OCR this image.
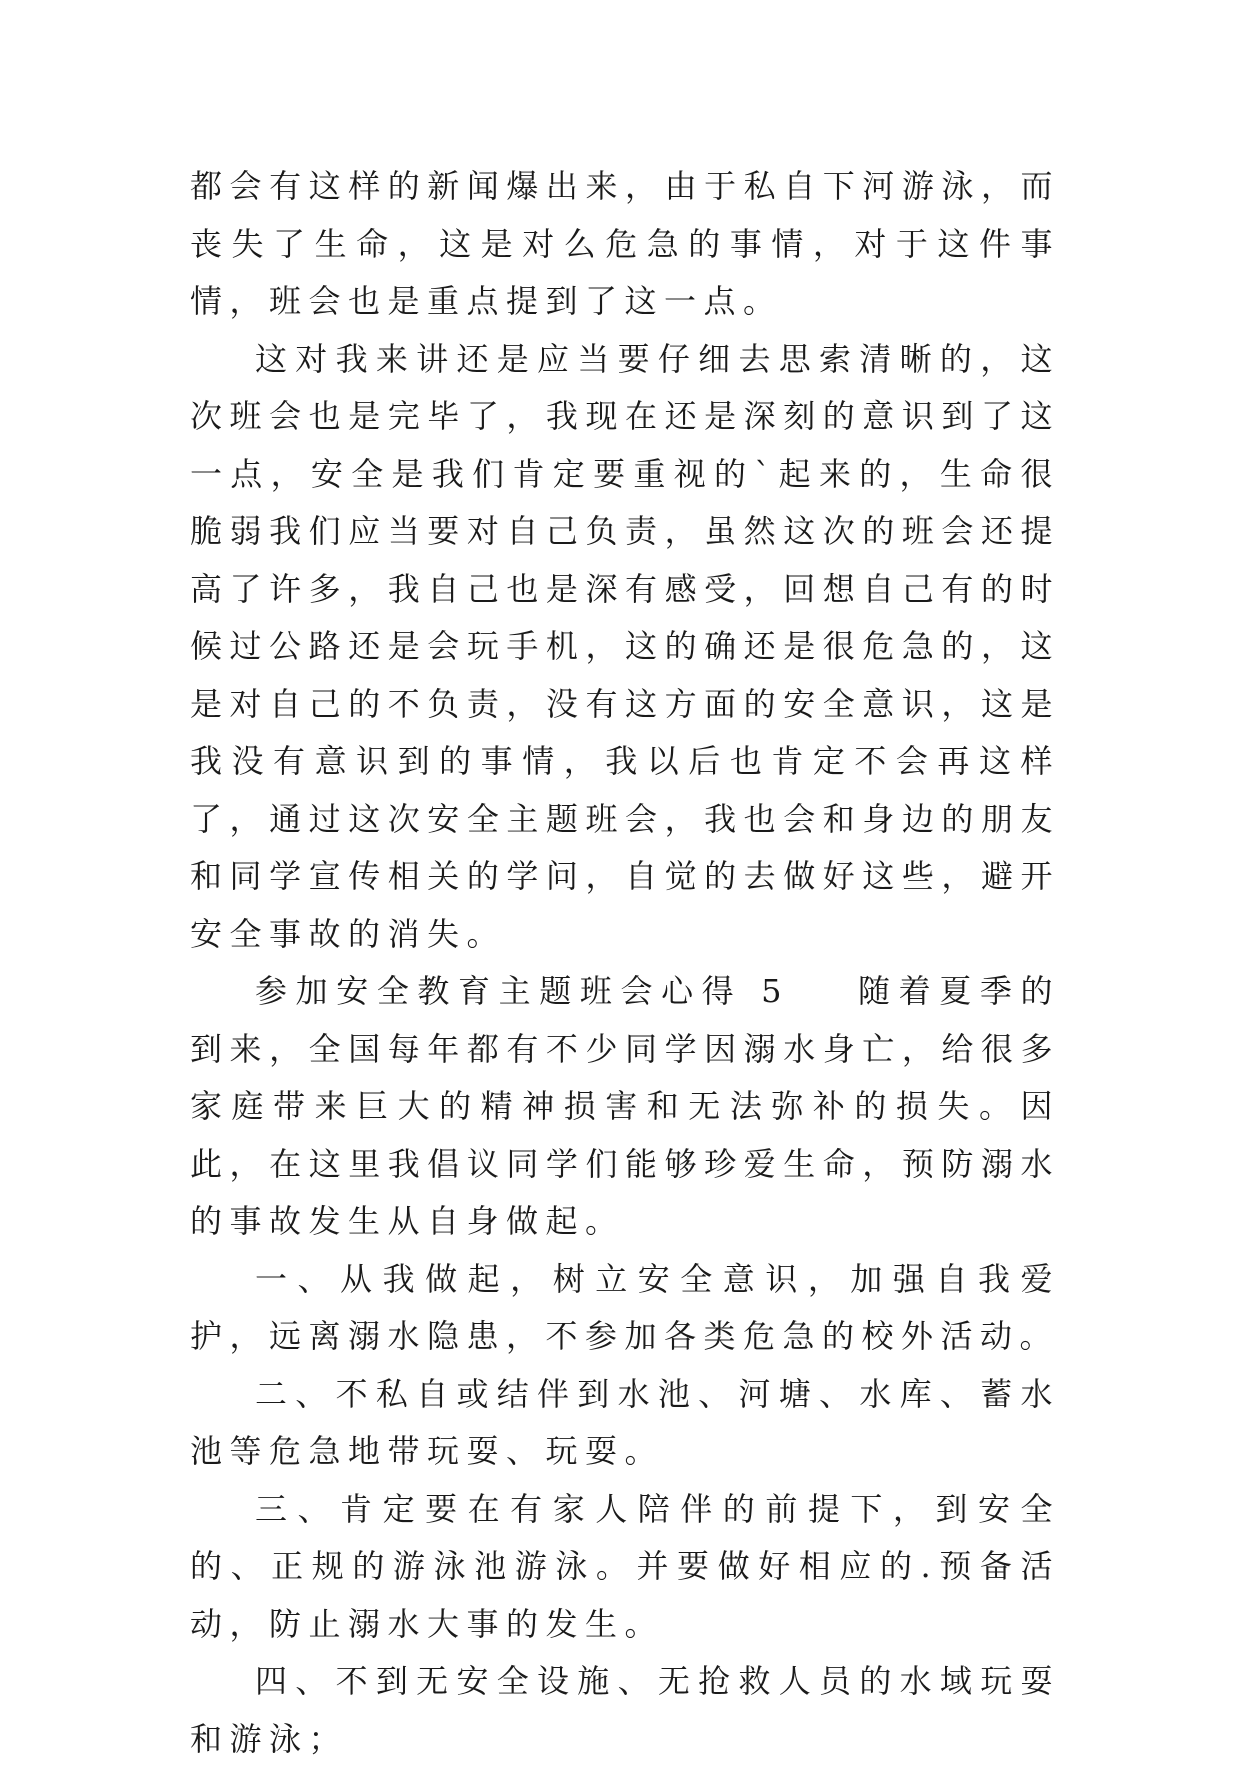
都会有这样的新闻爆出来，由于私自下河游泳，而丧失了生命，这是对么危急的事情，对于这件事情，班会也是重点提到了这一点。

这对我来讲还是应当要仔细去思索清晰的，这次班会也是完毕了，我现在还是深刻的意识到了这一点，安全是我们肯定要重视的`起来的，生命很脆弱我们应当要对自己负责，虽然这次的班会还提高了许多，我自己也是深有感受，回想自己有的时候过公路还是会玩手机，这的确还是很危急的，这是对自己的不负责，没有这方面的安全意识，这是我没有意识到的事情，我以后也肯定不会再这样了，通过这次安全主题班会，我也会和身边的朋友和同学宣传相关的学问，自觉的去做好这些，避开安全事故的消失。

参加安全教育主题班会心得 5 随着夏季的到来，全国每年都有不少同学因溺水身亡，给很多家庭带来巨大的精神损害和无法弥补的损失。因此，在这里我倡议同学们能够珍爱生命，预防溺水的事故发生从自身做起。

一、从我做起，树立安全意识，加强自我爱护，远离溺水隐患，不参加各类危急的校外活动。

二、不私自或结伴到水池、河塘、水库、蓄水池等危急地带玩耍、玩耍。

三、肯定要在有家人陪伴的前提下，到安全的、正规的游泳池游泳。并要做好相应的.预备活动，防止溺水大事的发生。

四、不到无安全设施、无抢救人员的水域玩耍和游泳；
